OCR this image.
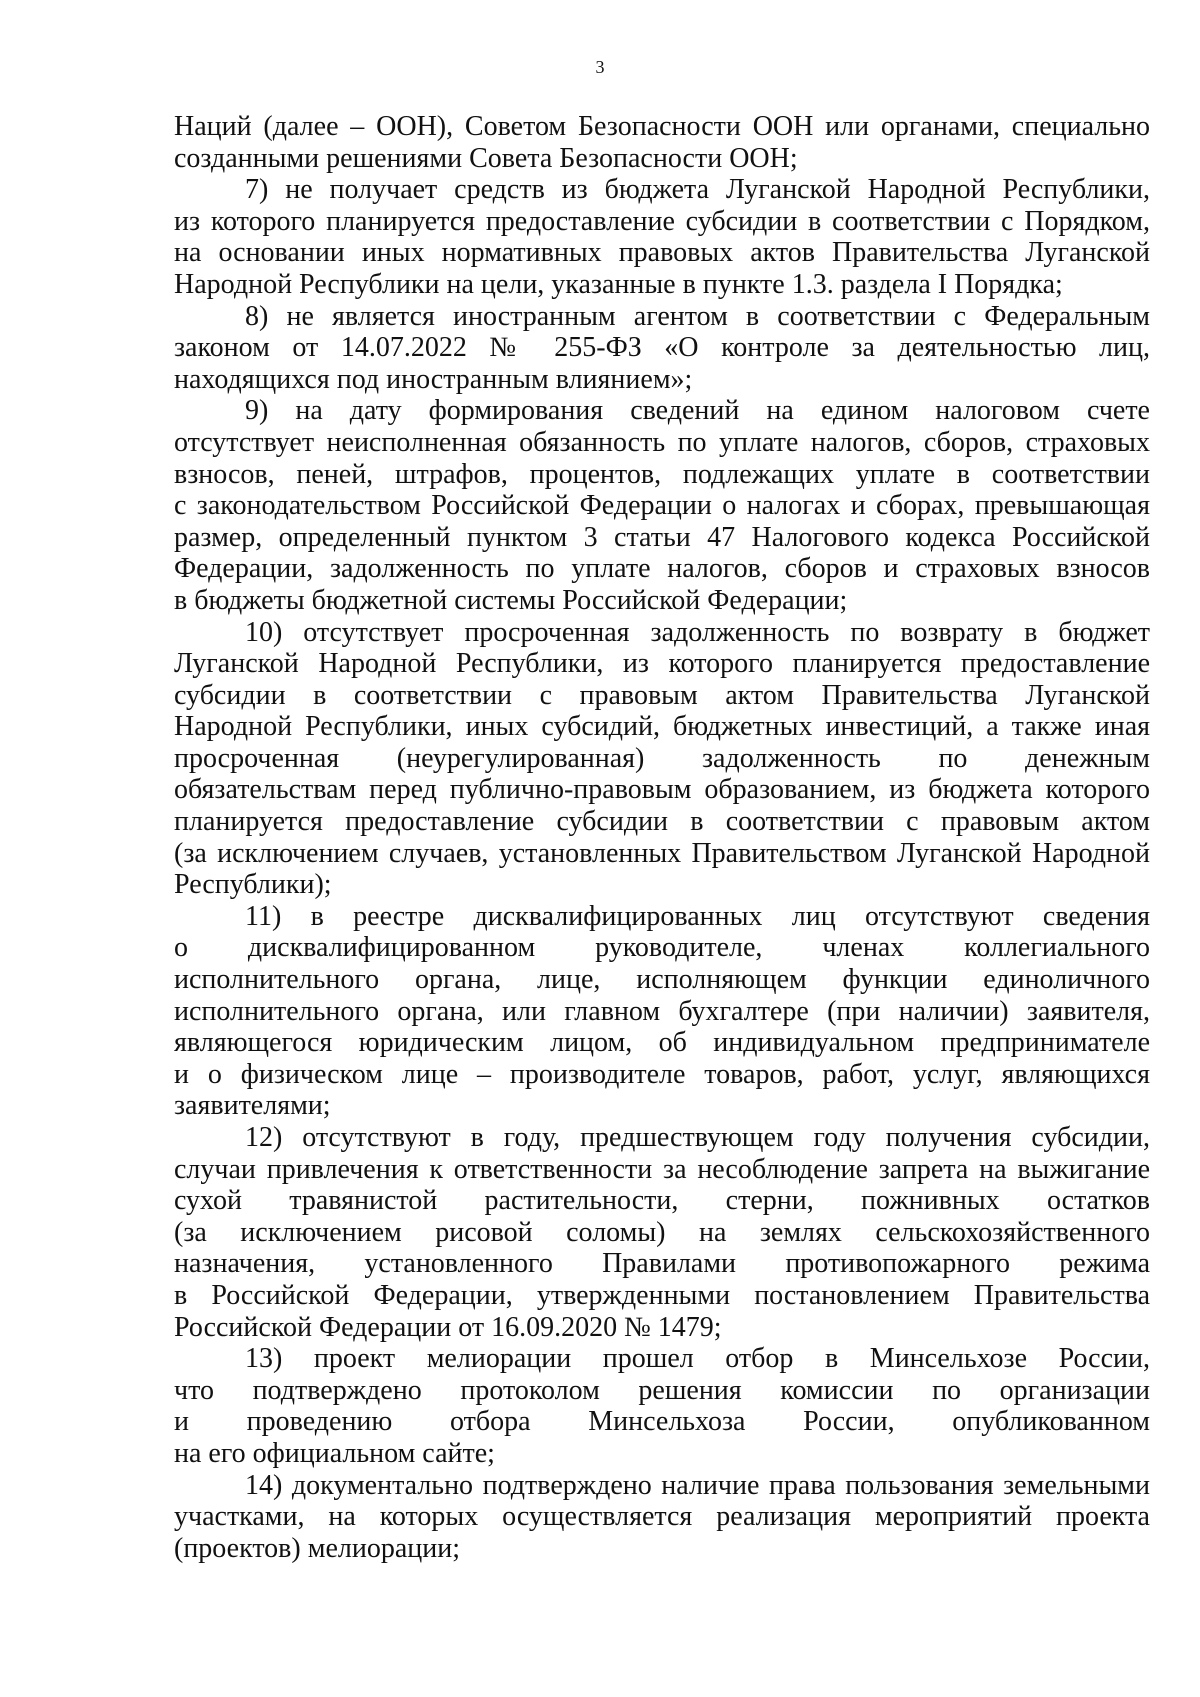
3
Наций (далее – ООН), Советом Безопасности ООН или органами, специально
созданными решениями Совета Безопасности ООН;
7) не получает средств из бюджета Луганской Народной Республики,
из которого планируется предоставление субсидии в соответствии с Порядком,
на основании иных нормативных правовых актов Правительства Луганской
Народной Республики на цели, указанные в пункте 1.3. раздела I Порядка;
8) не является иностранным агентом в соответствии с Федеральным
законом от 14.07.2022 № 255-ФЗ «О контроле за деятельностью лиц,
находящихся под иностранным влиянием»;
9) на дату формирования сведений на едином налоговом счете
отсутствует неисполненная обязанность по уплате налогов, сборов, страховых
взносов, пеней, штрафов, процентов, подлежащих уплате в соответствии
с законодательством Российской Федерации о налогах и сборах, превышающая
размер, определенный пунктом 3 статьи 47 Налогового кодекса Российской
Федерации, задолженность по уплате налогов, сборов и страховых взносов
в бюджеты бюджетной системы Российской Федерации;
10) отсутствует просроченная задолженность по возврату в бюджет
Луганской Народной Республики, из которого планируется предоставление
субсидии в соответствии с правовым актом Правительства Луганской
Народной Республики, иных субсидий, бюджетных инвестиций, а также иная
просроченная (неурегулированная) задолженность по денежным
обязательствам перед публично-правовым образованием, из бюджета которого
планируется предоставление субсидии в соответствии с правовым актом
(за исключением случаев, установленных Правительством Луганской Народной
Республики);
11) в реестре дисквалифицированных лиц отсутствуют сведения
о дисквалифицированном руководителе, членах коллегиального
исполнительного органа, лице, исполняющем функции единоличного
исполнительного органа, или главном бухгалтере (при наличии) заявителя,
являющегося юридическим лицом, об индивидуальном предпринимателе
и о физическом лице – производителе товаров, работ, услуг, являющихся
заявителями;
12) отсутствуют в году, предшествующем году получения субсидии,
случаи привлечения к ответственности за несоблюдение запрета на выжигание
сухой травянистой растительности, стерни, пожнивных остатков
(за исключением рисовой соломы) на землях сельскохозяйственного
назначения, установленного Правилами противопожарного режима
в Российской Федерации, утвержденными постановлением Правительства
Российской Федерации от 16.09.2020 № 1479;
13) проект мелиорации прошел отбор в Минсельхозе России,
что подтверждено протоколом решения комиссии по организации
и проведению отбора Минсельхоза России, опубликованном
на его официальном сайте;
14) документально подтверждено наличие права пользования земельными
участками, на которых осуществляется реализация мероприятий проекта
(проектов) мелиорации;
